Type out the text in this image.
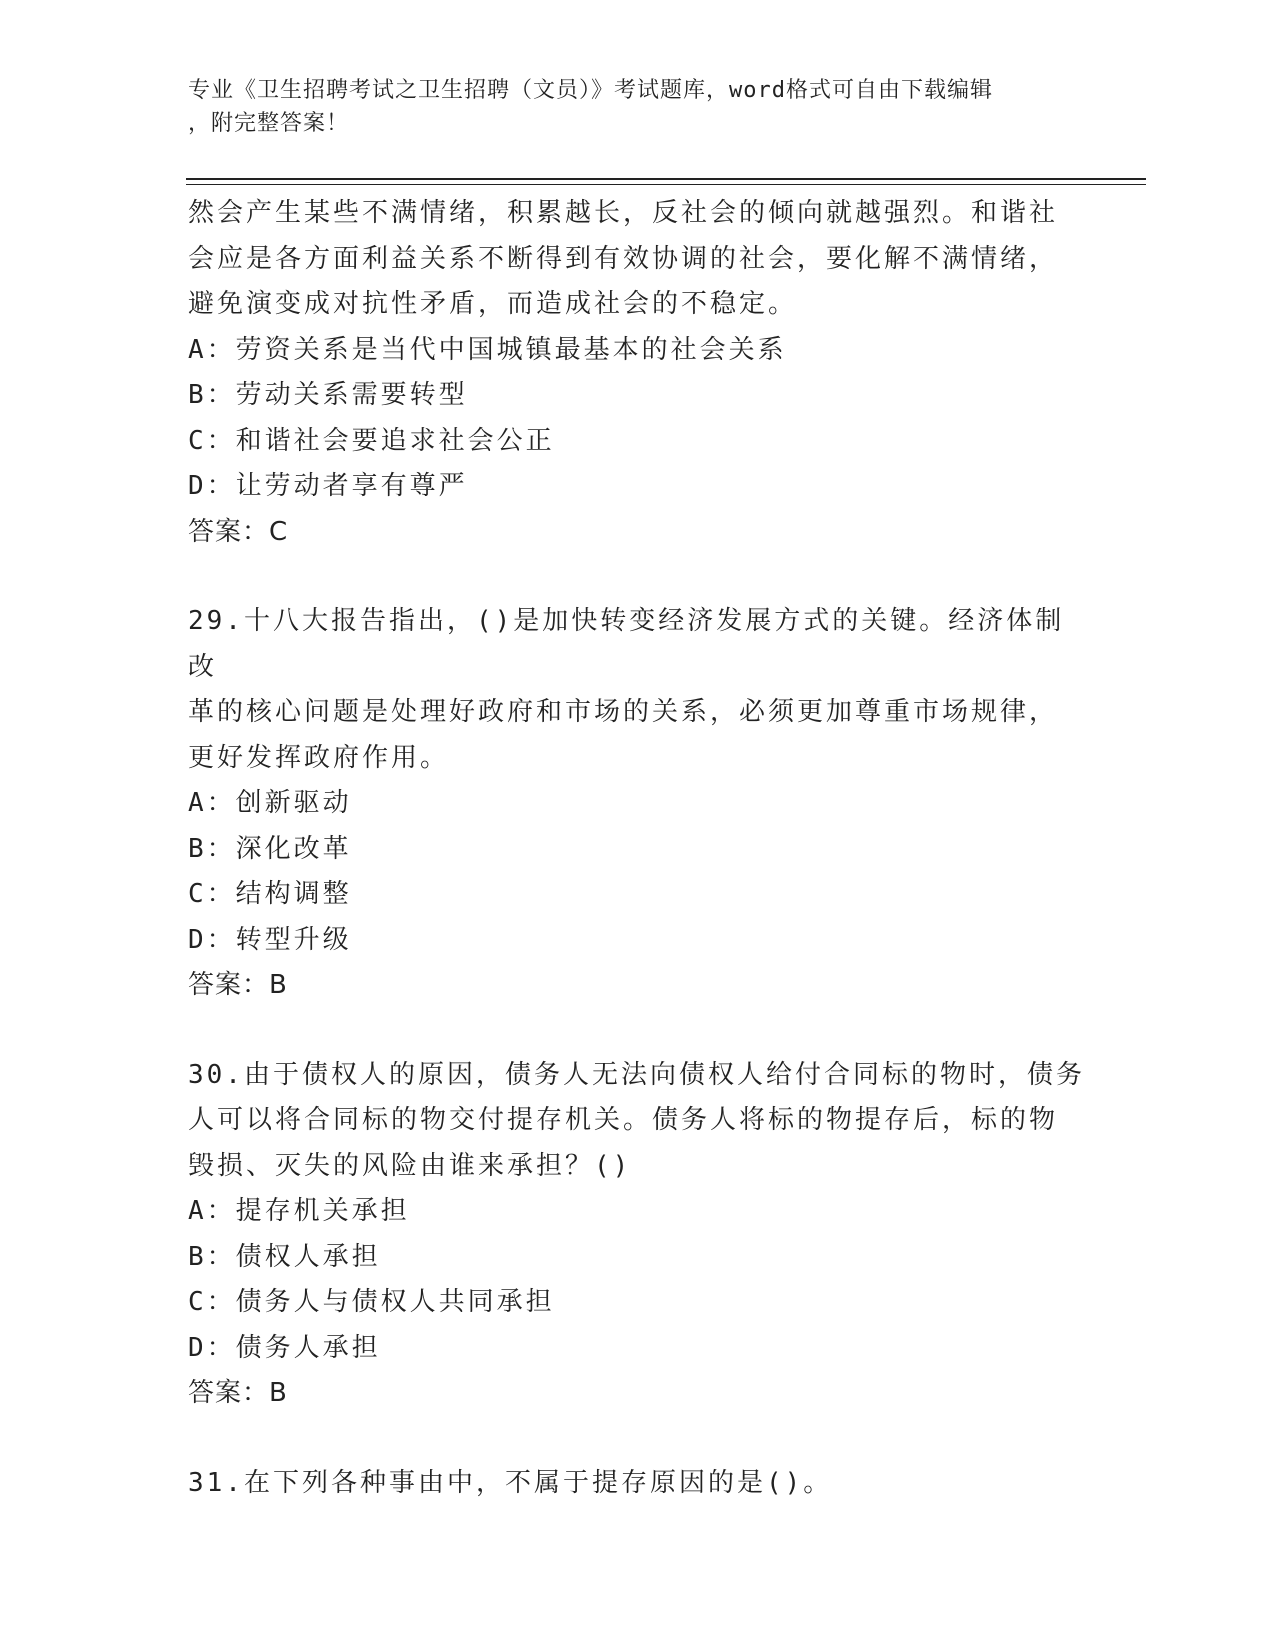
专业《卫生招聘考试之卫生招聘（文员）》考试题库，word格式可自由下载编辑
，附完整答案！

然会产生某些不满情绪，积累越长，反社会的倾向就越强烈。和谐社

会应是各方面利益关系不断得到有效协调的社会，要化解不满情绪，

避免演变成对抗性矛盾，而造成社会的不稳定。

A：劳资关系是当代中国城镇最基本的社会关系

B：劳动关系需要转型

C：和谐社会要追求社会公正

D：让劳动者享有尊严

答案：C

29.十八大报告指出，()是加快转变经济发展方式的关键。经济体制改

革的核心问题是处理好政府和市场的关系，必须更加尊重市场规律，

更好发挥政府作用。

A：创新驱动

B：深化改革

C：结构调整

D：转型升级

答案：B

30.由于债权人的原因，债务人无法向债权人给付合同标的物时，债务

人可以将合同标的物交付提存机关。债务人将标的物提存后，标的物

毁损、灭失的风险由谁来承担？()

A：提存机关承担

B：债权人承担

C：债务人与债权人共同承担

D：债务人承担

答案：B

31.在下列各种事由中，不属于提存原因的是()。
